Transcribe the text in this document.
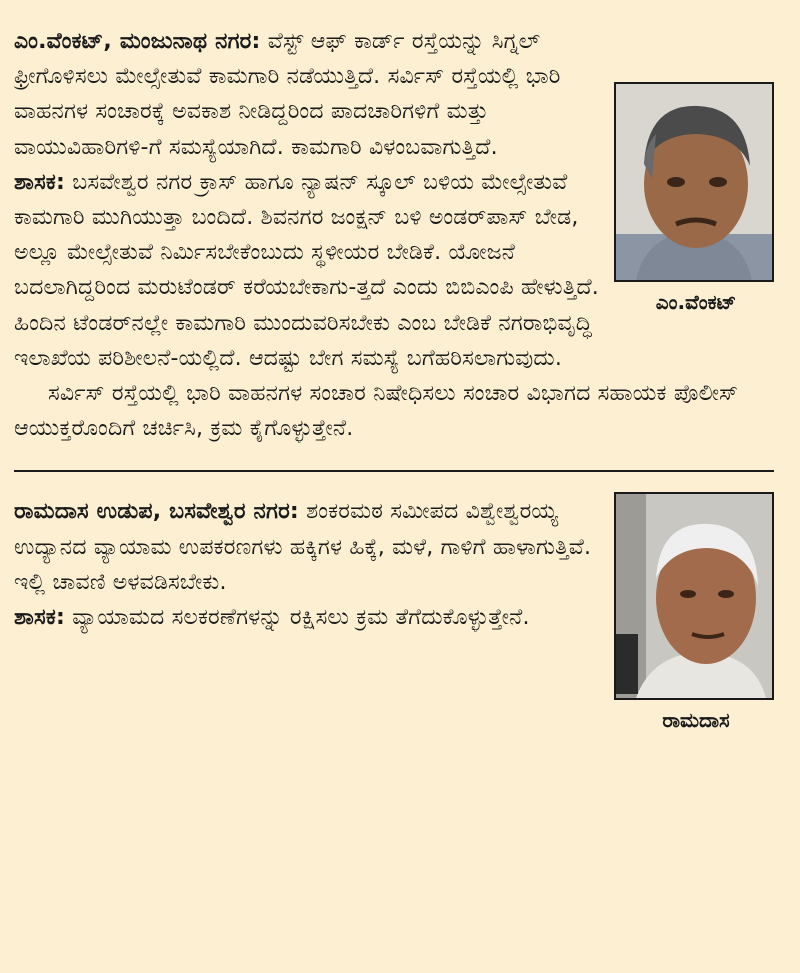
ಎಂ.ವೆಂಕಟ್

ಎಂ.ವೆಂಕಟ್, ಮಂಜುನಾಥ ನಗರ: ವೆಸ್ಟ್ ಆಫ್ ಕಾರ್ಡ್ ರಸ್ತೆಯನ್ನು ಸಿಗ್ನಲ್ ಫ್ರೀಗೊಳಿಸಲು ಮೇಲ್ಸೇತುವೆ ಕಾಮಗಾರಿ ನಡೆಯುತ್ತಿದೆ. ಸರ್ವಿಸ್ ರಸ್ತೆಯಲ್ಲಿ ಭಾರಿ ವಾಹನಗಳ ಸಂಚಾರಕ್ಕೆ ಅವಕಾಶ ನೀಡಿದ್ದರಿಂದ ಪಾದಚಾರಿಗಳಿಗೆ ಮತ್ತು ವಾಯುವಿಹಾರಿಗಳಿ-ಗೆ ಸಮಸ್ಯೆಯಾಗಿದೆ. ಕಾಮಗಾರಿ ವಿಳಂಬವಾಗುತ್ತಿದೆ.
ಶಾಸಕ: ಬಸವೇಶ್ವರ ನಗರ ಕ್ರಾಸ್ ಹಾಗೂ ನ್ಯಾಷನ್ ಸ್ಕೂಲ್ ಬಳಿಯ ಮೇಲ್ಸೇತುವೆ ಕಾಮಗಾರಿ ಮುಗಿಯುತ್ತಾ ಬಂದಿದೆ. ಶಿವನಗರ ಜಂಕ್ಷನ್ ಬಳಿ ಅಂಡರ್‌ಪಾಸ್ ಬೇಡ, ಅಲ್ಲೂ ಮೇಲ್ಸೇತುವೆ ನಿರ್ಮಿಸಬೇಕೆಂಬುದು ಸ್ಥಳೀಯರ ಬೇಡಿಕೆ. ಯೋಜನೆ ಬದಲಾಗಿದ್ದರಿಂದ ಮರುಟೆಂಡರ್ ಕರೆಯಬೇಕಾಗು-ತ್ತದೆ ಎಂದು ಬಿಬಿಎಂಪಿ ಹೇಳುತ್ತಿದೆ. ಹಿಂದಿನ ಟೆಂಡರ್‌ನಲ್ಲೇ ಕಾಮಗಾರಿ ಮುಂದುವರಿಸಬೇಕು ಎಂಬ ಬೇಡಿಕೆ ನಗರಾಭಿವೃದ್ಧಿ ಇಲಾಖೆಯ ಪರಿಶೀಲನೆ-ಯಲ್ಲಿದೆ. ಆದಷ್ಟು ಬೇಗ ಸಮಸ್ಯೆ ಬಗೆಹರಿಸಲಾಗುವುದು.
ಸರ್ವಿಸ್ ರಸ್ತೆಯಲ್ಲಿ ಭಾರಿ ವಾಹನಗಳ ಸಂಚಾರ ನಿಷೇಧಿಸಲು ಸಂಚಾರ ವಿಭಾಗದ ಸಹಾಯಕ ಪೊಲೀಸ್ ಆಯುಕ್ತರೊಂದಿಗೆ ಚರ್ಚಿಸಿ, ಕ್ರಮ ಕೈಗೊಳ್ಳುತ್ತೇನೆ.

ರಾಮದಾಸ

ರಾಮದಾಸ ಉಡುಪ, ಬಸವೇಶ್ವರ ನಗರ: ಶಂಕರಮಠ ಸಮೀಪದ ವಿಶ್ವೇಶ್ವರಯ್ಯ ಉದ್ಯಾನದ ವ್ಯಾಯಾಮ ಉಪಕರಣಗಳು ಹಕ್ಕಿಗಳ ಹಿಕ್ಕೆ, ಮಳೆ, ಗಾಳಿಗೆ ಹಾಳಾಗುತ್ತಿವೆ. ಇಲ್ಲಿ ಚಾವಣಿ ಅಳವಡಿಸಬೇಕು.
ಶಾಸಕ: ವ್ಯಾಯಾಮದ ಸಲಕರಣೆಗಳನ್ನು ರಕ್ಷಿಸಲು ಕ್ರಮ ತೆಗೆದುಕೊಳ್ಳುತ್ತೇನೆ.
